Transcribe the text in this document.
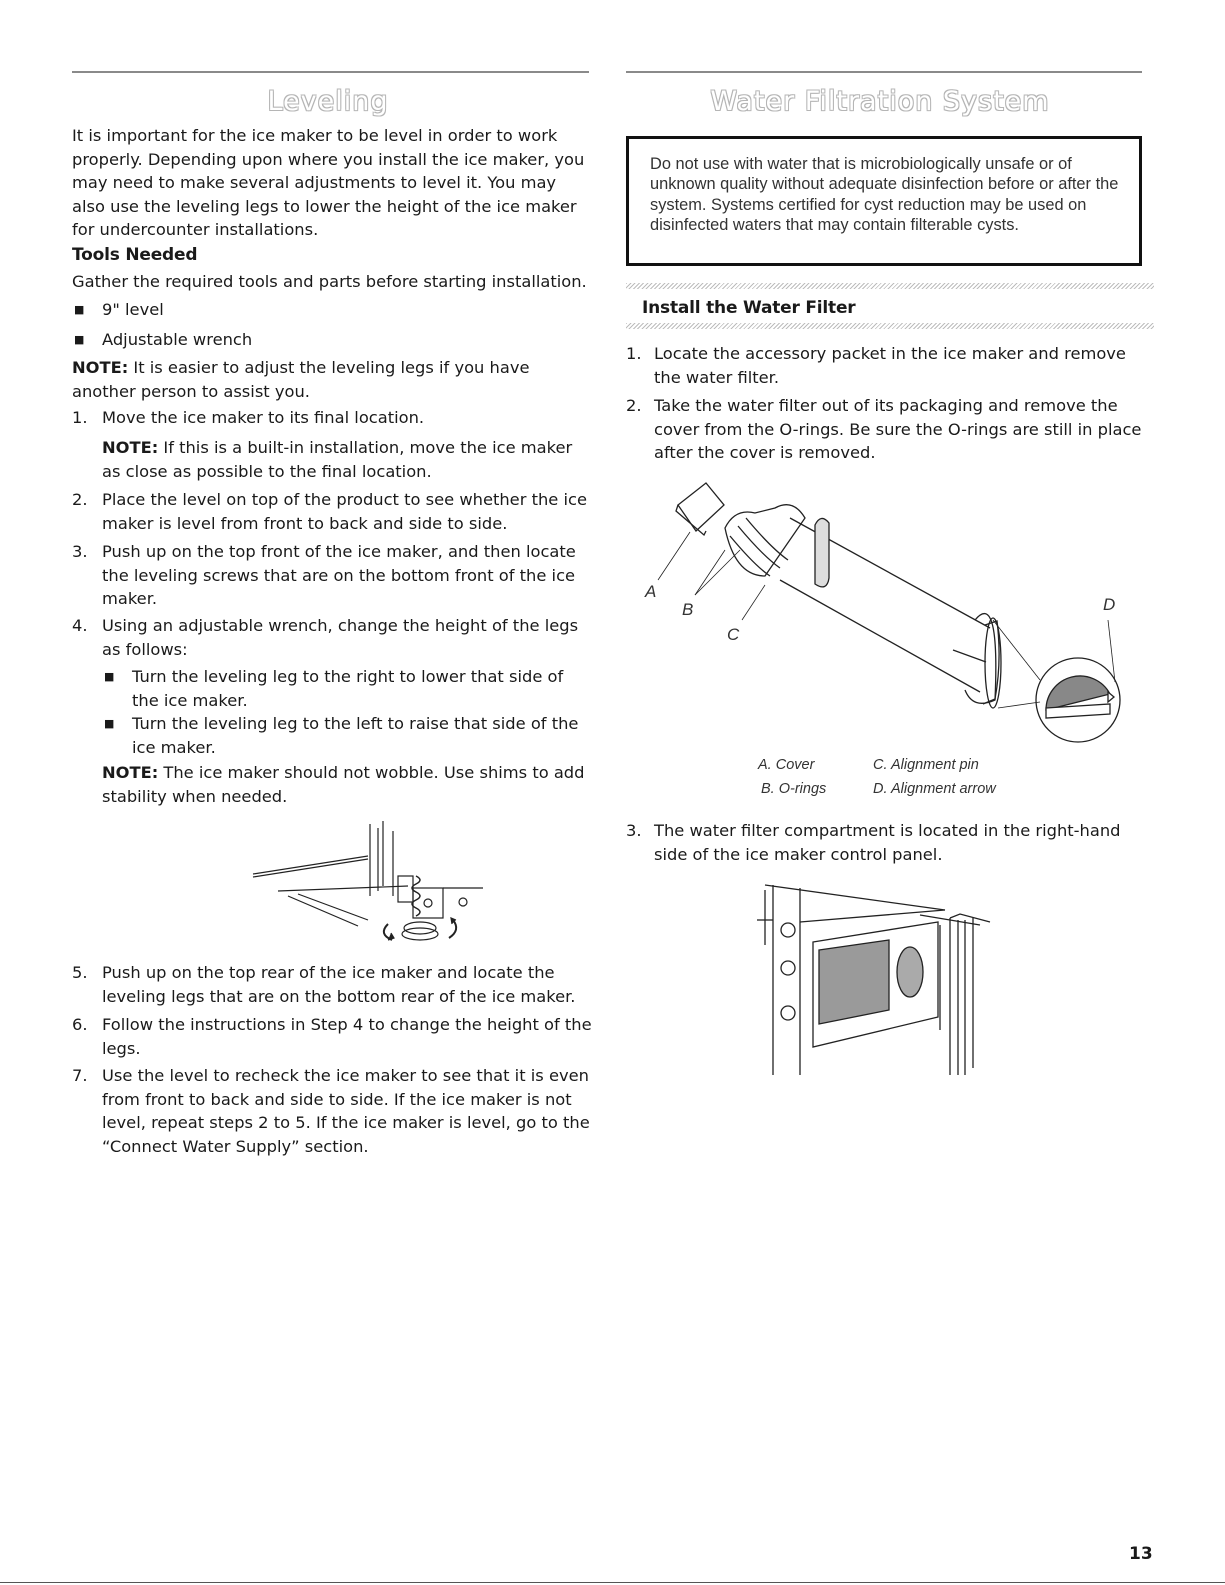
Leveling

It is important for the ice maker to be level in order to work properly. Depending upon where you install the ice maker, you may need to make several adjustments to level it. You may also use the leveling legs to lower the height of the ice maker for undercounter installations.

Tools Needed

Gather the required tools and parts before starting installation.

■ 9" level

■ Adjustable wrench

NOTE: It is easier to adjust the leveling legs if you have another person to assist you.

1. Move the ice maker to its final location.

NOTE: If this is a built-in installation, move the ice maker as close as possible to the final location.

2. Place the level on top of the product to see whether the ice maker is level from front to back and side to side.

3. Push up on the top front of the ice maker, and then locate the leveling screws that are on the bottom front of the ice maker.

4. Using an adjustable wrench, change the height of the legs as follows:

■ Turn the leveling leg to the right to lower that side of the ice maker.

■ Turn the leveling leg to the left to raise that side of the ice maker.

NOTE: The ice maker should not wobble. Use shims to add stability when needed.

5. Push up on the top rear of the ice maker and locate the leveling legs that are on the bottom rear of the ice maker.

6. Follow the instructions in Step 4 to change the height of the legs.

7. Use the level to recheck the ice maker to see that it is even from front to back and side to side. If the ice maker is not level, repeat steps 2 to 5. If the ice maker is level, go to the “Connect Water Supply” section.

Water Filtration System

Do not use with water that is microbiologically unsafe or of unknown quality without adequate disinfection before or after the system. Systems certified for cyst reduction may be used on disinfected waters that may contain filterable cysts.

Install the Water Filter
1. Locate the accessory packet in the ice maker and remove the water filter.

2. Take the water filter out of its packaging and remove the cover from the O-rings. Be sure the O-rings are still in place after the cover is removed.

A
B
C
D
A. Cover
B. O-rings
C. Alignment pin
D. Alignment arrow
3. The water filter compartment is located in the right-hand side of the ice maker control panel.

13
